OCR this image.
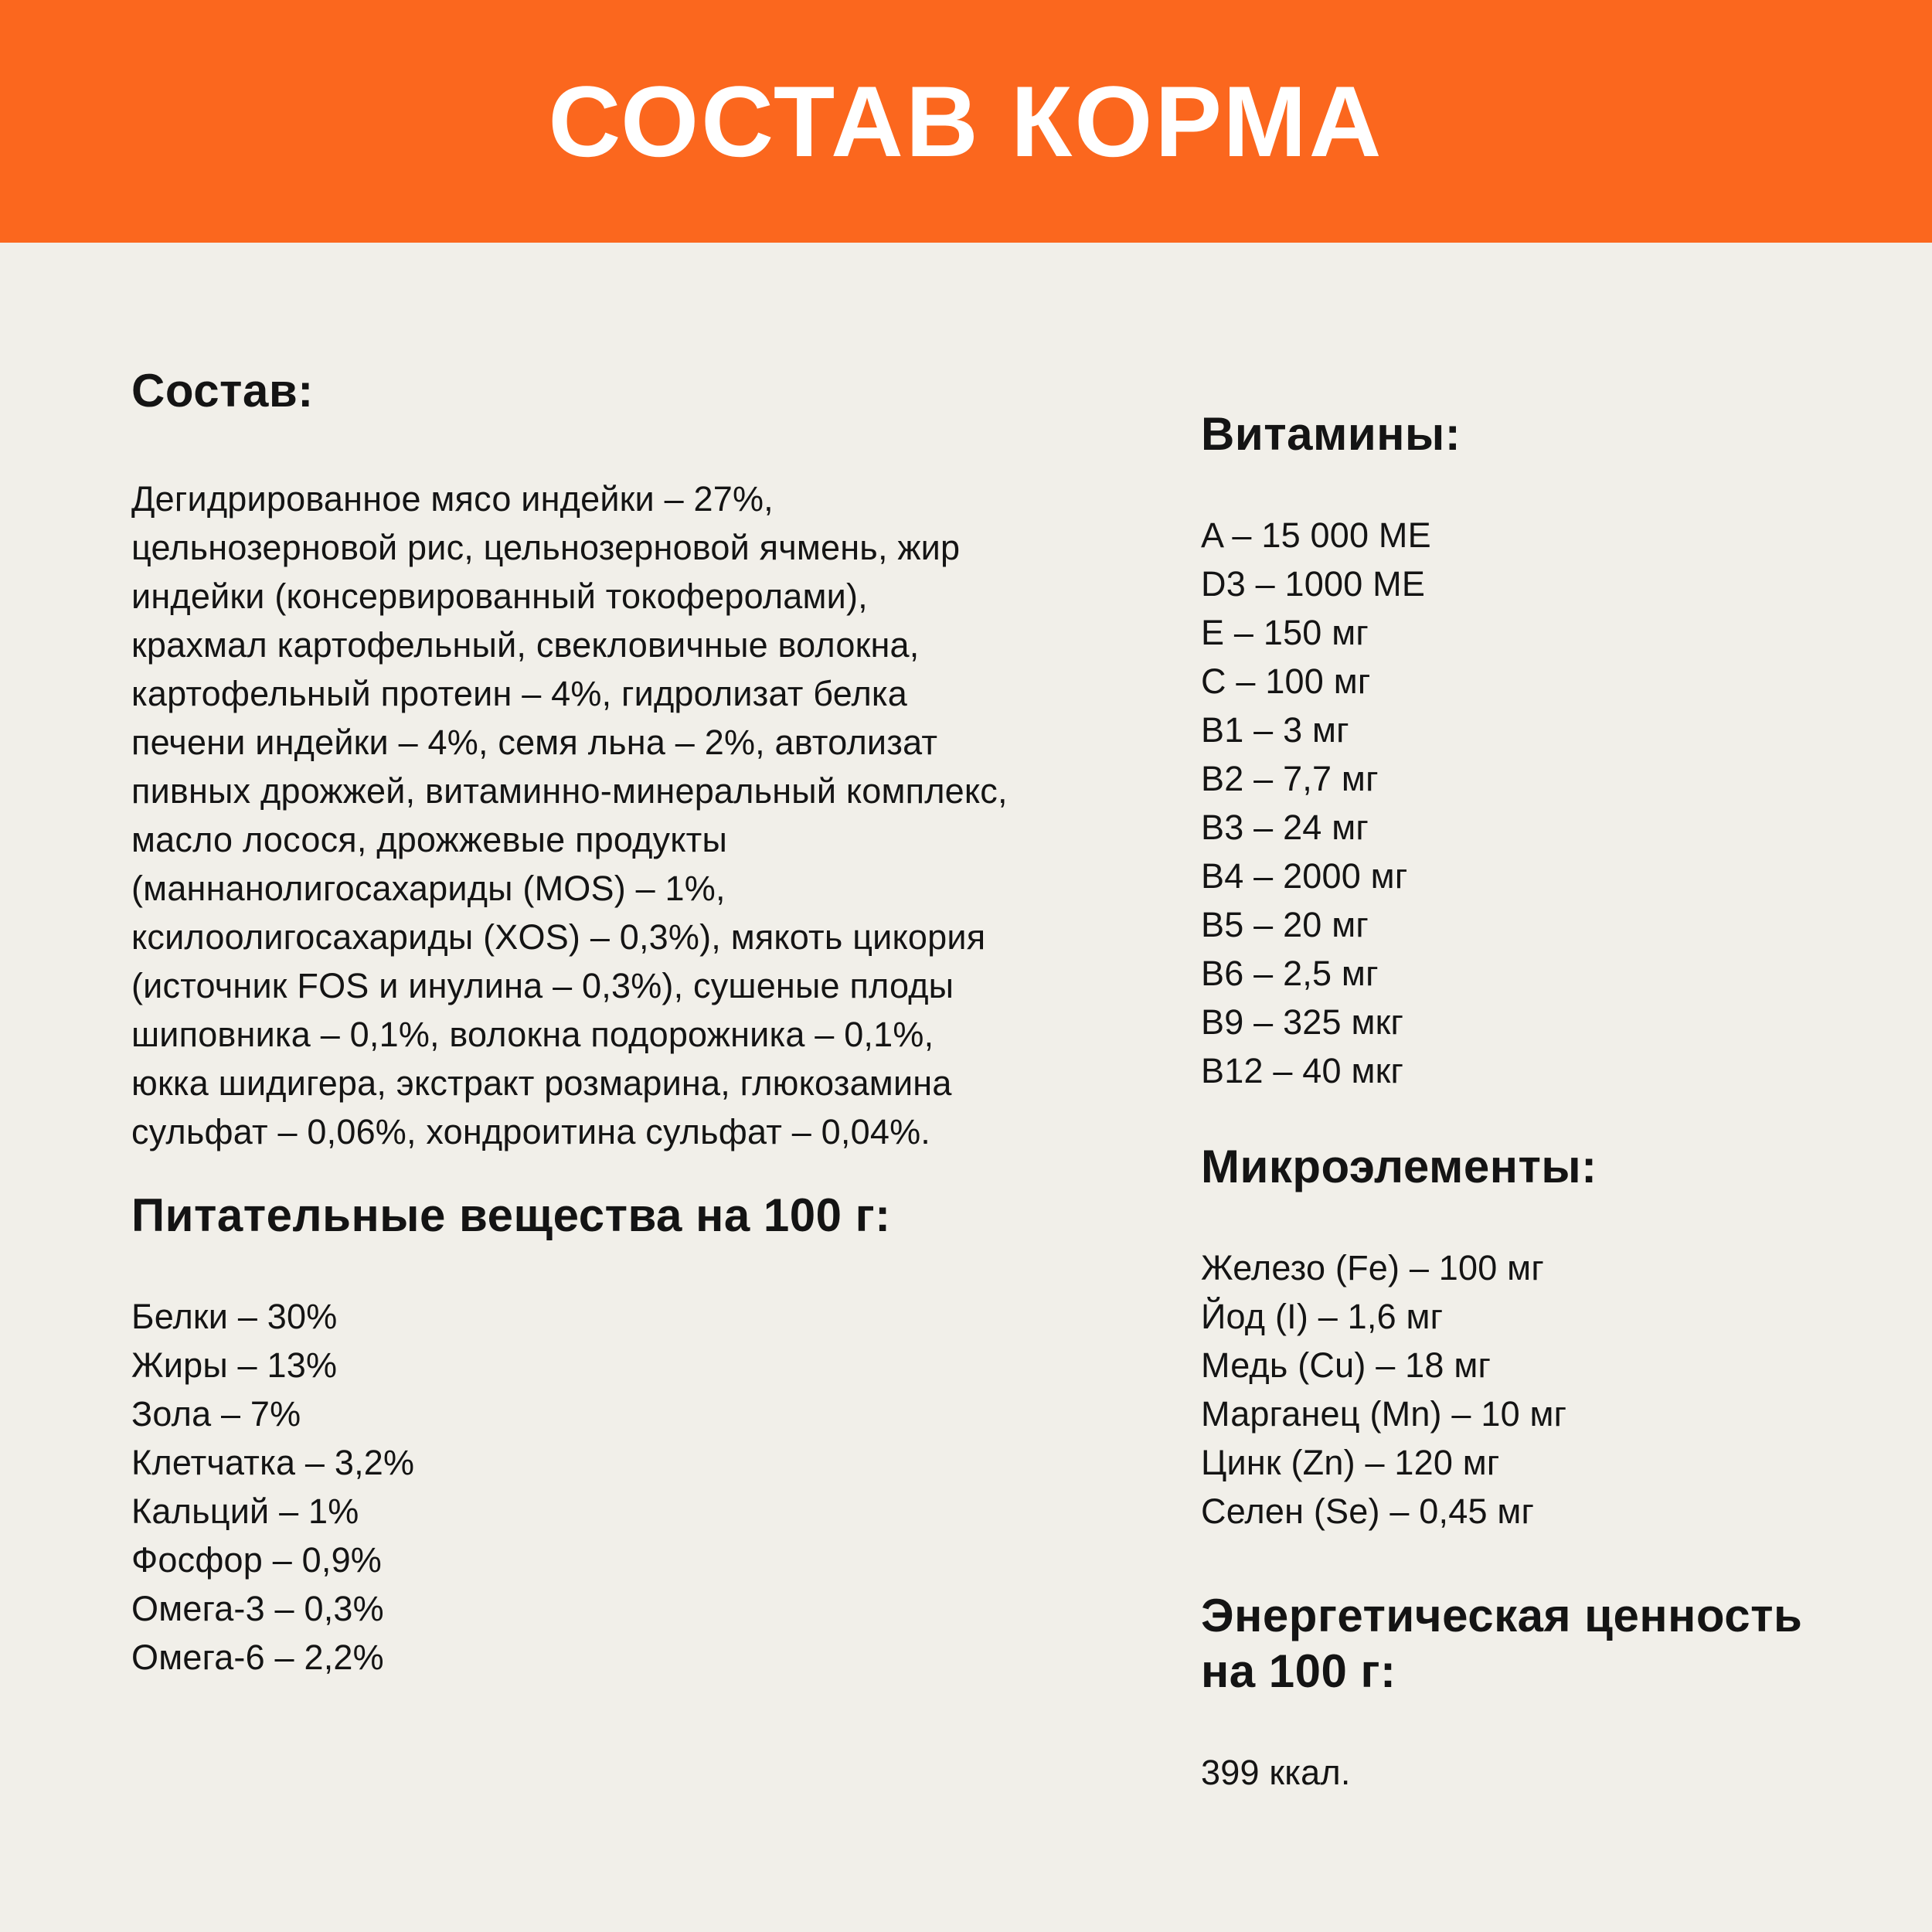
СОСТАВ КОРМА
Состав:

Дегидрированное мясо индейки – 27%, цельнозерновой рис, цельнозерновой ячмень, жир индейки (консервированный токоферолами), крахмал картофельный, свекловичные волокна, картофельный протеин – 4%, гидролизат белка печени индейки – 4%, семя льна – 2%, автолизат пивных дрожжей, витаминно-минеральный комплекс, масло лосося, дрожжевые продукты (маннанолигосахариды (MOS) – 1%, ксилоолигосахариды (XOS) – 0,3%), мякоть цикория (источник FOS и инулина – 0,3%), сушеные плоды шиповника – 0,1%, волокна подорожника – 0,1%, юкка шидигера, экстракт розмарина, глюкозамина сульфат – 0,06%, хондроитина сульфат – 0,04%.

Питательные вещества на 100 г:
Белки – 30%
Жиры – 13%
Зола – 7%
Клетчатка – 3,2%
Кальций – 1%
Фосфор – 0,9%
Омега-3 – 0,3%
Омега-6 – 2,2%
Витамины:
A – 15 000 МЕ
D3 – 1000 МЕ
E – 150 мг
C – 100 мг
B1 – 3 мг
B2 – 7,7 мг
B3 – 24 мг
B4 – 2000 мг
B5 – 20 мг
B6 – 2,5 мг
B9 – 325 мкг
B12 – 40 мкг
Микроэлементы:
Железо (Fe) – 100 мг
Йод (I) – 1,6 мг
Медь (Cu) – 18 мг
Марганец (Mn) – 10 мг
Цинк (Zn) – 120 мг
Селен (Se) – 0,45 мг
Энергетическая ценность на 100 г:

399 ккал.
